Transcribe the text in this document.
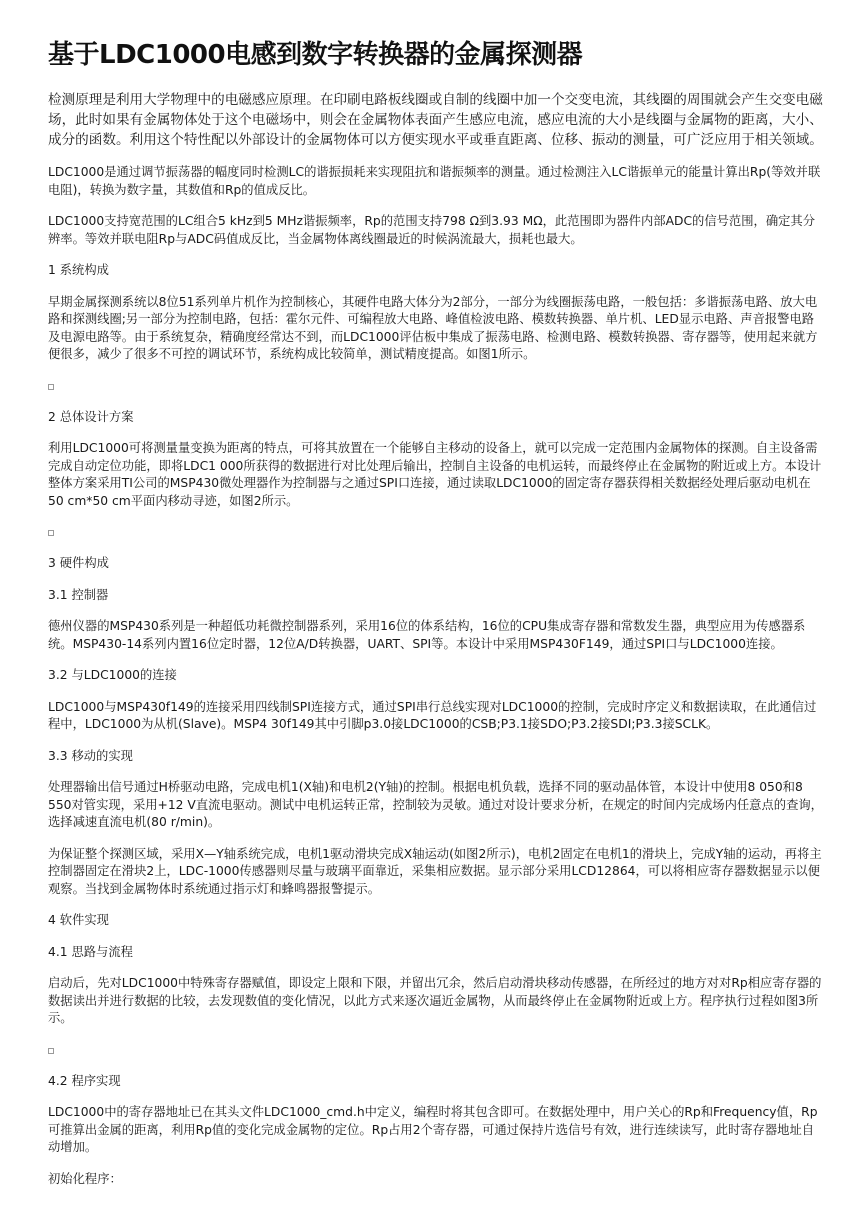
基于LDC1000电感到数字转换器的金属探测器

检测原理是利用大学物理中的电磁感应原理。在印刷电路板线圈或自制的线圈中加一个交变电流，其线圈的周围就会产生交变电磁场，此时如果有金属物体处于这个电磁场中，则会在金属物体表面产生感应电流，感应电流的大小是线圈与金属物的距离，大小、成分的函数。利用这个特性配以外部设计的金属物体可以方便实现水平或垂直距离、位移、振动的测量，可广泛应用于相关领域。

LDC1000是通过调节振荡器的幅度同时检测LC的谐振损耗来实现阻抗和谐振频率的测量。通过检测注入LC谐振单元的能量计算出Rp(等效并联电阻)，转换为数字量，其数值和Rp的值成反比。

LDC1000支持宽范围的LC组合5 kHz到5 MHz谐振频率，Rp的范围支持798 Ω到3.93 MΩ，此范围即为器件内部ADC的信号范围，确定其分辨率。等效并联电阻Rp与ADC码值成反比，当金属物体离线圈最近的时候涡流最大，损耗也最大。

1 系统构成

早期金属探测系统以8位51系列单片机作为控制核心，其硬件电路大体分为2部分，一部分为线圈振荡电路，一般包括：多谐振荡电路、放大电路和探测线圈;另一部分为控制电路，包括：霍尔元件、可编程放大电路、峰值检波电路、模数转换器、单片机、LED显示电路、声音报警电路及电源电路等。由于系统复杂，精确度经常达不到，而LDC1000评估板中集成了振荡电路、检测电路、模数转换器、寄存器等，使用起来就方便很多，减少了很多不可控的调试环节，系统构成比较简单，测试精度提高。如图1所示。

2 总体设计方案

利用LDC1000可将测量量变换为距离的特点，可将其放置在一个能够自主移动的设备上，就可以完成一定范围内金属物体的探测。自主设备需完成自动定位功能，即将LDC1 000所获得的数据进行对比处理后输出，控制自主设备的电机运转，而最终停止在金属物的附近或上方。本设计整体方案采用TI公司的MSP430微处理器作为控制器与之通过SPI口连接，通过读取LDC1000的固定寄存器获得相关数据经处理后驱动电机在50 cm*50 cm平面内移动寻迹，如图2所示。

3 硬件构成

3.1 控制器

德州仪器的MSP430系列是一种超低功耗微控制器系列，采用16位的体系结构，16位的CPU集成寄存器和常数发生器，典型应用为传感器系统。MSP430-14系列内置16位定时器，12位A/D转换器，UART、SPI等。本设计中采用MSP430F149，通过SPI口与LDC1000连接。

3.2 与LDC1000的连接

LDC1000与MSP430f149的连接采用四线制SPI连接方式，通过SPI串行总线实现对LDC1000的控制，完成时序定义和数据读取，在此通信过程中，LDC1000为从机(Slave)。MSP4 30f149其中引脚p3.0接LDC1000的CSB;P3.1接SDO;P3.2接SDI;P3.3接SCLK。

3.3 移动的实现

处理器输出信号通过H桥驱动电路，完成电机1(X轴)和电机2(Y轴)的控制。根据电机负载，选择不同的驱动晶体管，本设计中使用8 050和8 550对管实现，采用+12 V直流电驱动。测试中电机运转正常，控制较为灵敏。通过对设计要求分析，在规定的时间内完成场内任意点的查询，选择减速直流电机(80 r/min)。

为保证整个探测区域，采用X—Y轴系统完成，电机1驱动滑块完成X轴运动(如图2所示)，电机2固定在电机1的滑块上，完成Y轴的运动，再将主控制器固定在滑块2上，LDC-1000传感器则尽量与玻璃平面靠近，采集相应数据。显示部分采用LCD12864，可以将相应寄存器数据显示以便观察。当找到金属物体时系统通过指示灯和蜂鸣器报警提示。

4 软件实现

4.1 思路与流程

启动后，先对LDC1000中特殊寄存器赋值，即设定上限和下限，并留出冗余，然后启动滑块移动传感器，在所经过的地方对对Rp相应寄存器的数据读出并进行数据的比较，去发现数值的变化情况，以此方式来逐次逼近金属物，从而最终停止在金属物附近或上方。程序执行过程如图3所示。

4.2 程序实现

LDC1000中的寄存器地址已在其头文件LDC1000_cmd.h中定义，编程时将其包含即可。在数据处理中，用户关心的Rp和Frequency值，Rp可推算出金属的距离，利用Rp值的变化完成金属物的定位。Rp占用2个寄存器，可通过保持片选信号有效，进行连续读写，此时寄存器地址自动增加。

初始化程序：
